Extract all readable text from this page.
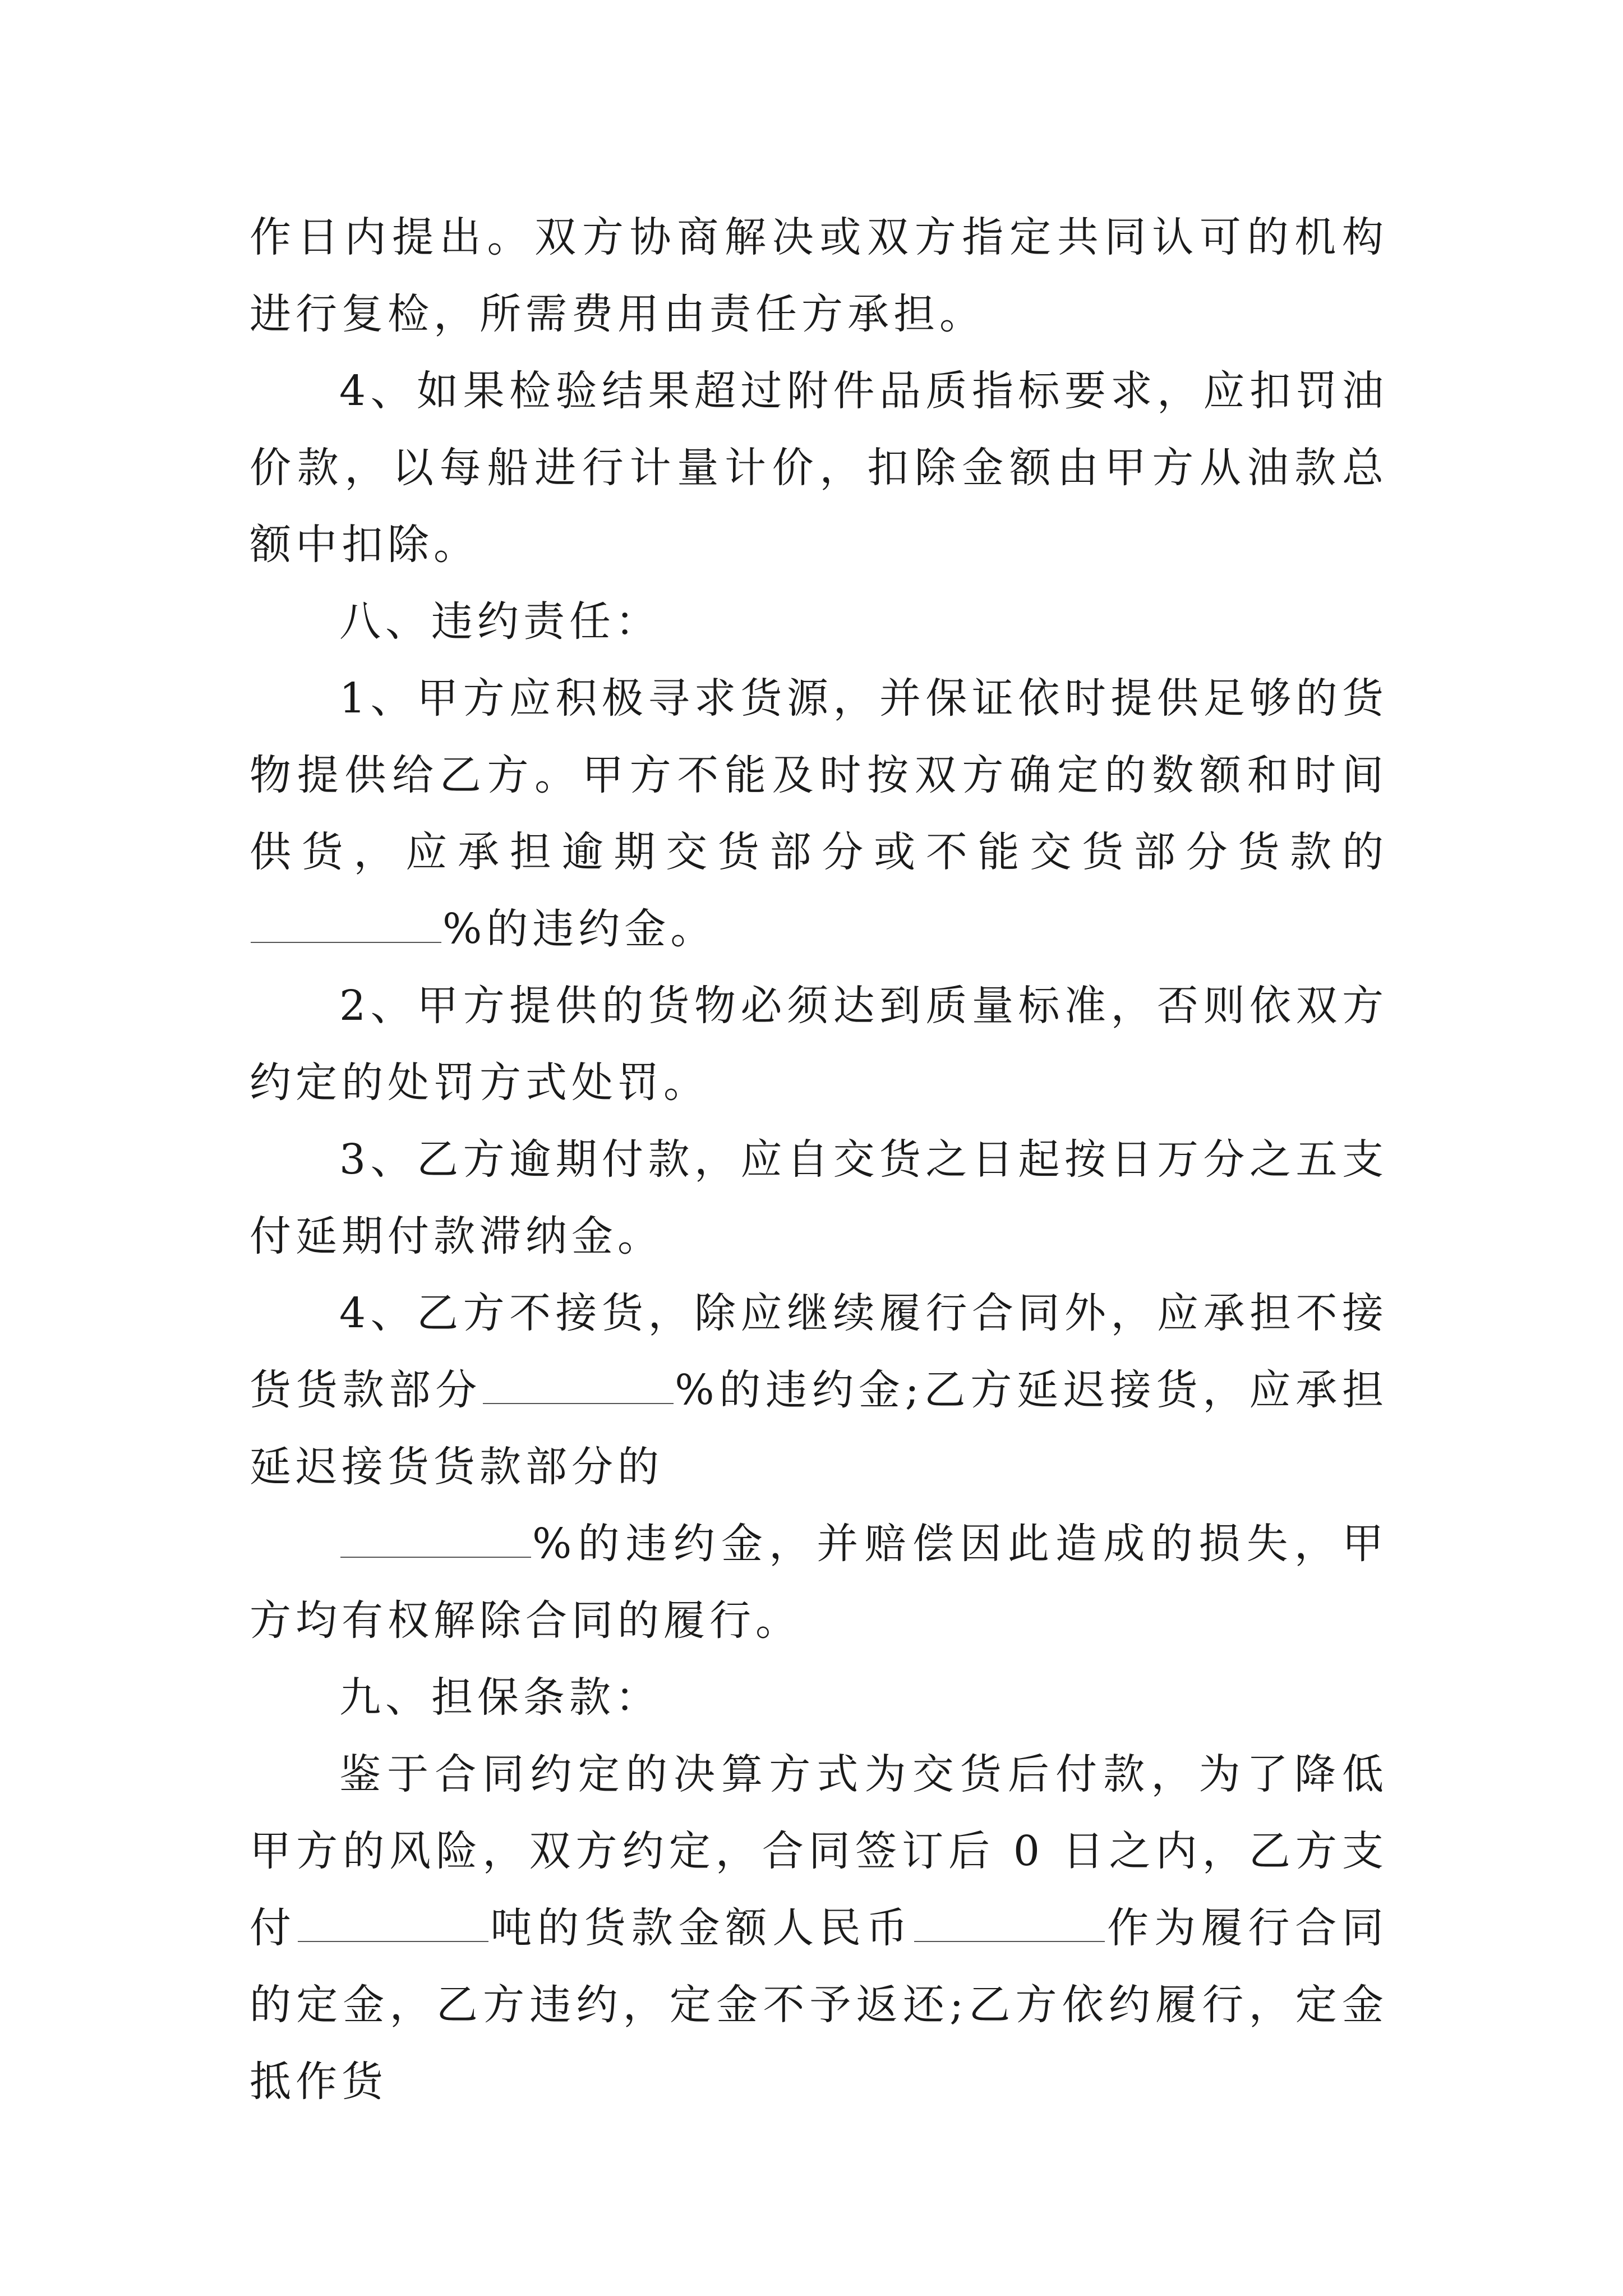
作日内提出。双方协商解决或双方指定共同认可的机构进行复检，所需费用由责任方承担。

4、如果检验结果超过附件品质指标要求，应扣罚油价款，以每船进行计量计价，扣除金额由甲方从油款总额中扣除。

八、违约责任：

1、甲方应积极寻求货源，并保证依时提供足够的货物提供给乙方。甲方不能及时按双方确定的数额和时间供货，应承担逾期交货部分或不能交货部分货款的%的违约金。

2、甲方提供的货物必须达到质量标准，否则依双方约定的处罚方式处罚。

3、乙方逾期付款，应自交货之日起按日万分之五支付延期付款滞纳金。

4、乙方不接货，除应继续履行合同外，应承担不接货货款部分	%的违约金;乙方延迟接货，应承担延迟接货货款部分的

%的违约金，并赔偿因此造成的损失，甲方均有权解除合同的履行。

九、担保条款：

鉴于合同约定的决算方式为交货后付款，为了降低甲方的风险，双方约定，合同签订后 0 日之内，乙方支付	吨的货款金额人民币	作为履行合同的定金，乙方违约，定金不予返还;乙方依约履行，定金抵作货
